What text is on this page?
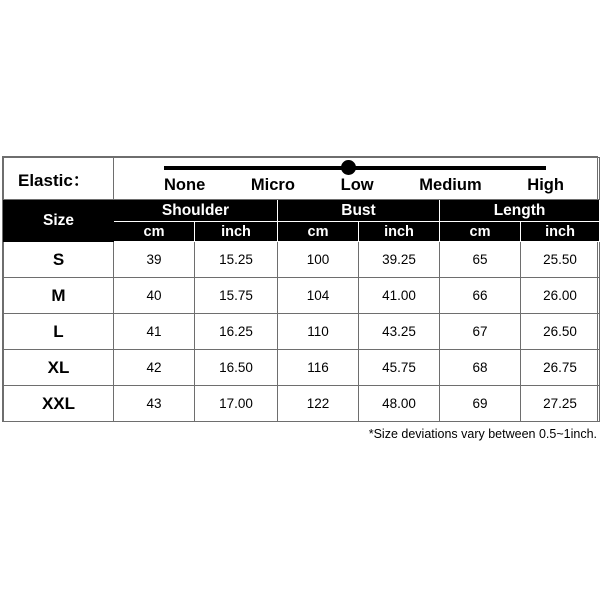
Elastic：	None Micro Low Medium High					

Size	Shoulder		Bust		Length	
	cm	inch	cm	inch	cm	inch
S	39	15.25	100	39.25	65	25.50
M	40	15.75	104	41.00	66	26.00
L	41	16.25	110	43.25	67	26.50
XL	42	16.50	116	45.75	68	26.75
XXL	43	17.00	122	48.00	69	27.25
*Size deviations vary between 0.5~1inch.
